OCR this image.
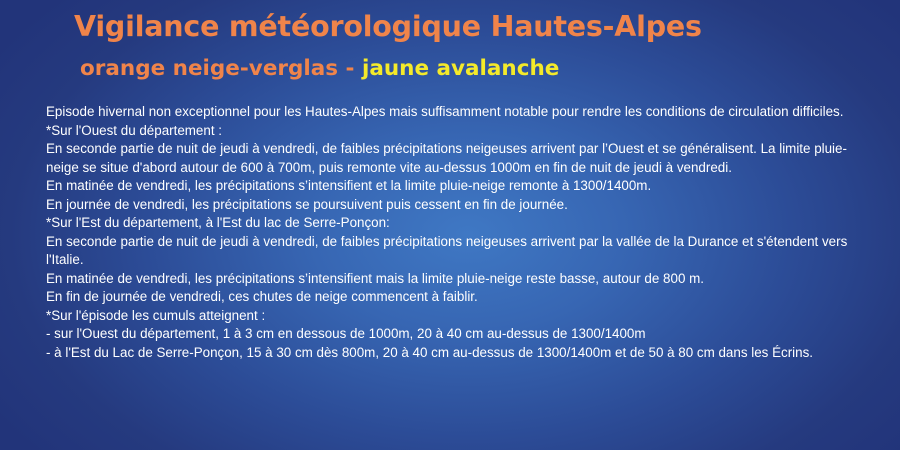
Vigilance météorologique Hautes-Alpes
orange neige-verglas - jaune avalanche

Episode hivernal non exceptionnel pour les Hautes-Alpes mais suffisamment notable pour rendre les conditions de circulation difficiles.

*Sur l'Ouest du département :

En seconde partie de nuit de jeudi à vendredi, de faibles précipitations neigeuses arrivent par l’Ouest et se généralisent. La limite pluie-neige se situe d'abord autour de 600 à 700m, puis remonte vite au-dessus 1000m en fin de nuit de jeudi à vendredi.

En matinée de vendredi, les précipitations s’intensifient et la limite pluie-neige remonte à 1300/1400m.

En journée de vendredi, les précipitations se poursuivent puis cessent en fin de journée.

*Sur l'Est du département, à l'Est du lac de Serre-Ponçon:

En seconde partie de nuit de jeudi à vendredi, de faibles précipitations neigeuses arrivent par la vallée de la Durance et s'étendent vers l'Italie.

En matinée de vendredi, les précipitations s’intensifient mais la limite pluie-neige reste basse, autour de 800 m.

En fin de journée de vendredi, ces chutes de neige commencent à faiblir.

*Sur l'épisode les cumuls atteignent :

- sur l'Ouest du département, 1 à 3 cm en dessous de 1000m, 20 à 40 cm au-dessus de 1300/1400m

- à l'Est du Lac de Serre-Ponçon, 15 à 30 cm dès 800m, 20 à 40 cm au-dessus de 1300/1400m et de 50 à 80 cm dans les Écrins.
